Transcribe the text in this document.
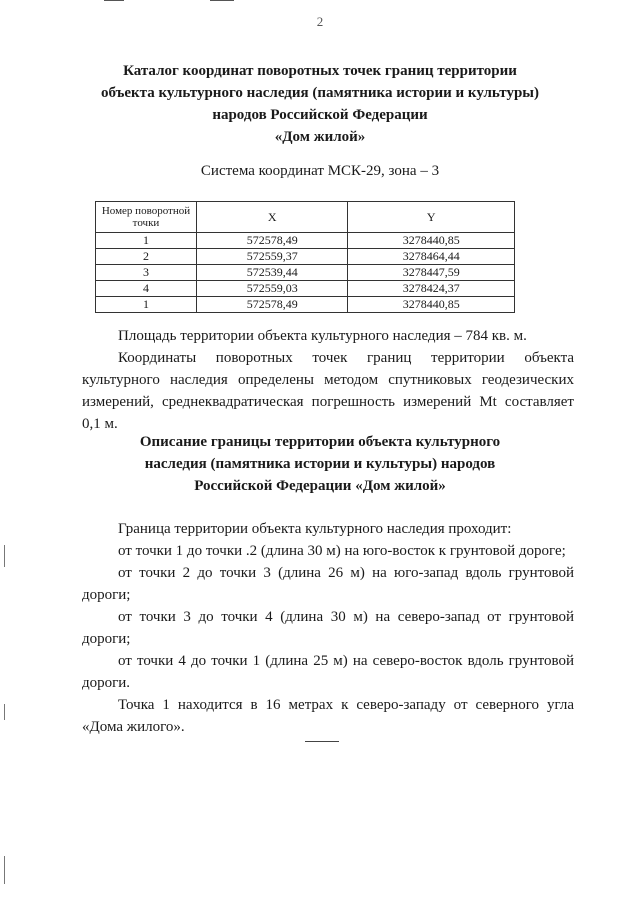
2
Каталог координат поворотных точек границ территории
объекта культурного наследия (памятника истории и культуры)
народов Российской Федерации
«Дом жилой»
Система координат МСК-29, зона – 3
Номер поворотной точки	X	Y
1	572578,49	3278440,85
2	572559,37	3278464,44
3	572539,44	3278447,59
4	572559,03	3278424,37
1	572578,49	3278440,85

Площадь территории объекта культурного наследия – 784 кв. м.

Координаты поворотных точек границ территории объекта культурного наследия определены методом спутниковых геодезических измерений, среднеквадратическая погрешность измерений Mt составляет 0,1 м.

Описание границы территории объекта культурного
наследия (памятника истории и культуры) народов
Российской Федерации «Дом жилой»

Граница территории объекта культурного наследия проходит:

от точки 1 до точки .2 (длина 30 м) на юго-восток к грунтовой дороге;

от точки 2 до точки 3 (длина 26 м) на юго-запад вдоль грунтовой дороги;

от точки 3 до точки 4 (длина 30 м) на северо-запад от грунтовой дороги;

от точки 4 до точки 1 (длина 25 м) на северо-восток вдоль грунтовой дороги.

Точка 1 находится в 16 метрах к северо-западу от северного угла «Дома жилого».
